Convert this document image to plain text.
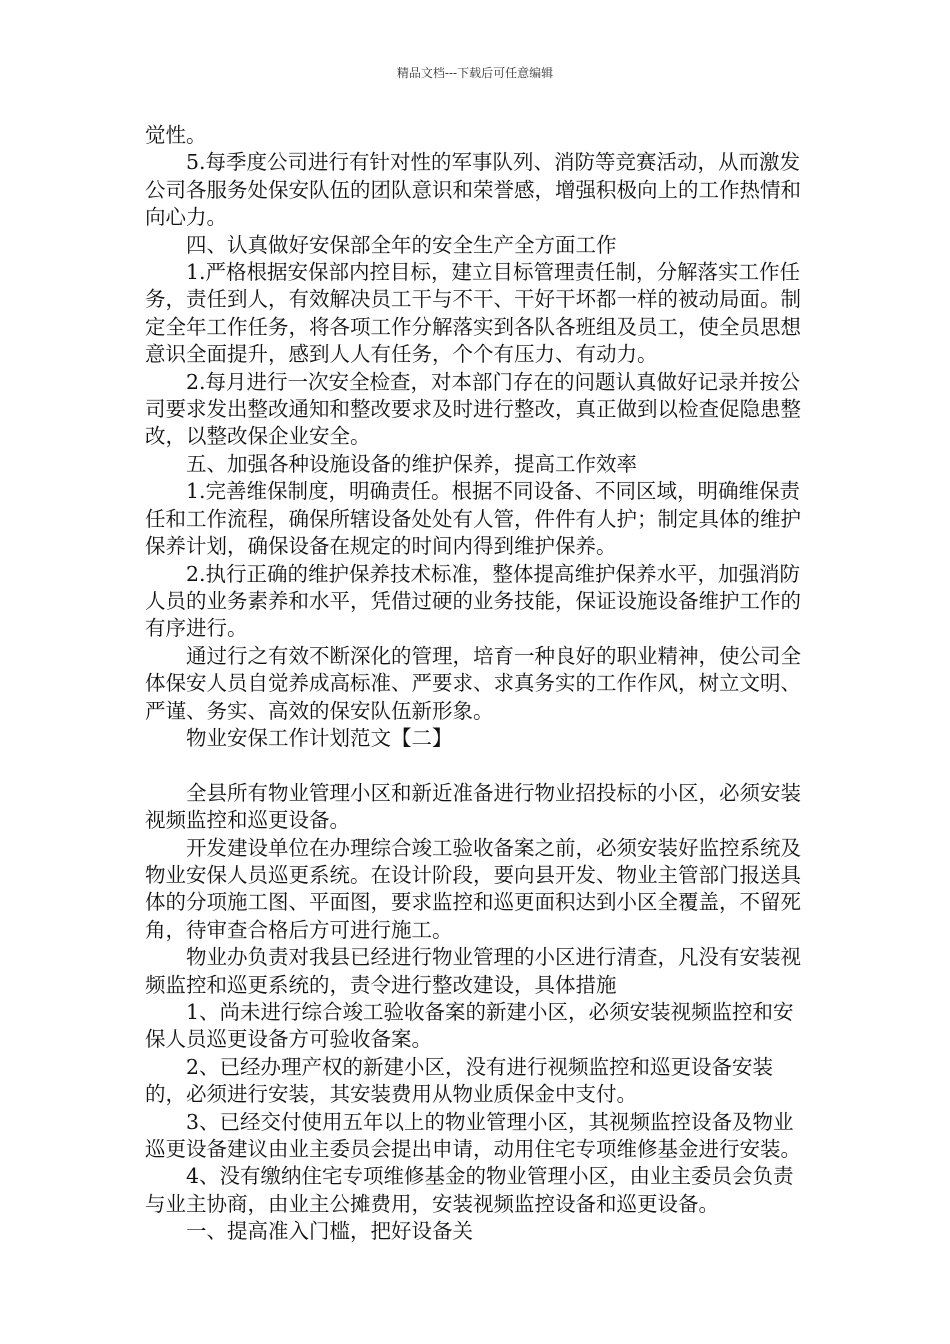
精品文档---下载后可任意编辑

觉性。

5.每季度公司进行有针对性的军事队列、消防等竞赛活动，从而激发公司各服务处保安队伍的团队意识和荣誉感，增强积极向上的工作热情和向心力。

四、认真做好安保部全年的安全生产全方面工作

1.严格根据安保部内控目标，建立目标管理责任制，分解落实工作任务，责任到人，有效解决员工干与不干、干好干坏都一样的被动局面。制定全年工作任务，将各项工作分解落实到各队各班组及员工，使全员思想意识全面提升，感到人人有任务，个个有压力、有动力。

2.每月进行一次安全检查，对本部门存在的问题认真做好记录并按公司要求发出整改通知和整改要求及时进行整改，真正做到以检查促隐患整改，以整改保企业安全。

五、加强各种设施设备的维护保养，提高工作效率

1.完善维保制度，明确责任。根据不同设备、不同区域，明确维保责任和工作流程，确保所辖设备处处有人管，件件有人护；制定具体的维护保养计划，确保设备在规定的时间内得到维护保养。

2.执行正确的维护保养技术标准，整体提高维护保养水平，加强消防人员的业务素养和水平，凭借过硬的业务技能，保证设施设备维护工作的有序进行。

通过行之有效不断深化的管理，培育一种良好的职业精神，使公司全体保安人员自觉养成高标准、严要求、求真务实的工作作风，树立文明、严谨、务实、高效的保安队伍新形象。

物业安保工作计划范文【二】

全县所有物业管理小区和新近准备进行物业招投标的小区，必须安装视频监控和巡更设备。

开发建设单位在办理综合竣工验收备案之前，必须安装好监控系统及物业安保人员巡更系统。在设计阶段，要向县开发、物业主管部门报送具体的分项施工图、平面图，要求监控和巡更面积达到小区全覆盖，不留死角，待审查合格后方可进行施工。

物业办负责对我县已经进行物业管理的小区进行清查，凡没有安装视频监控和巡更系统的，责令进行整改建设，具体措施

1、尚未进行综合竣工验收备案的新建小区，必须安装视频监控和安保人员巡更设备方可验收备案。

2、已经办理产权的新建小区，没有进行视频监控和巡更设备安装的，必须进行安装，其安装费用从物业质保金中支付。

3、已经交付使用五年以上的物业管理小区，其视频监控设备及物业巡更设备建议由业主委员会提出申请，动用住宅专项维修基金进行安装。

4、没有缴纳住宅专项维修基金的物业管理小区，由业主委员会负责与业主协商，由业主公摊费用，安装视频监控设备和巡更设备。

一、提高准入门槛，把好设备关
